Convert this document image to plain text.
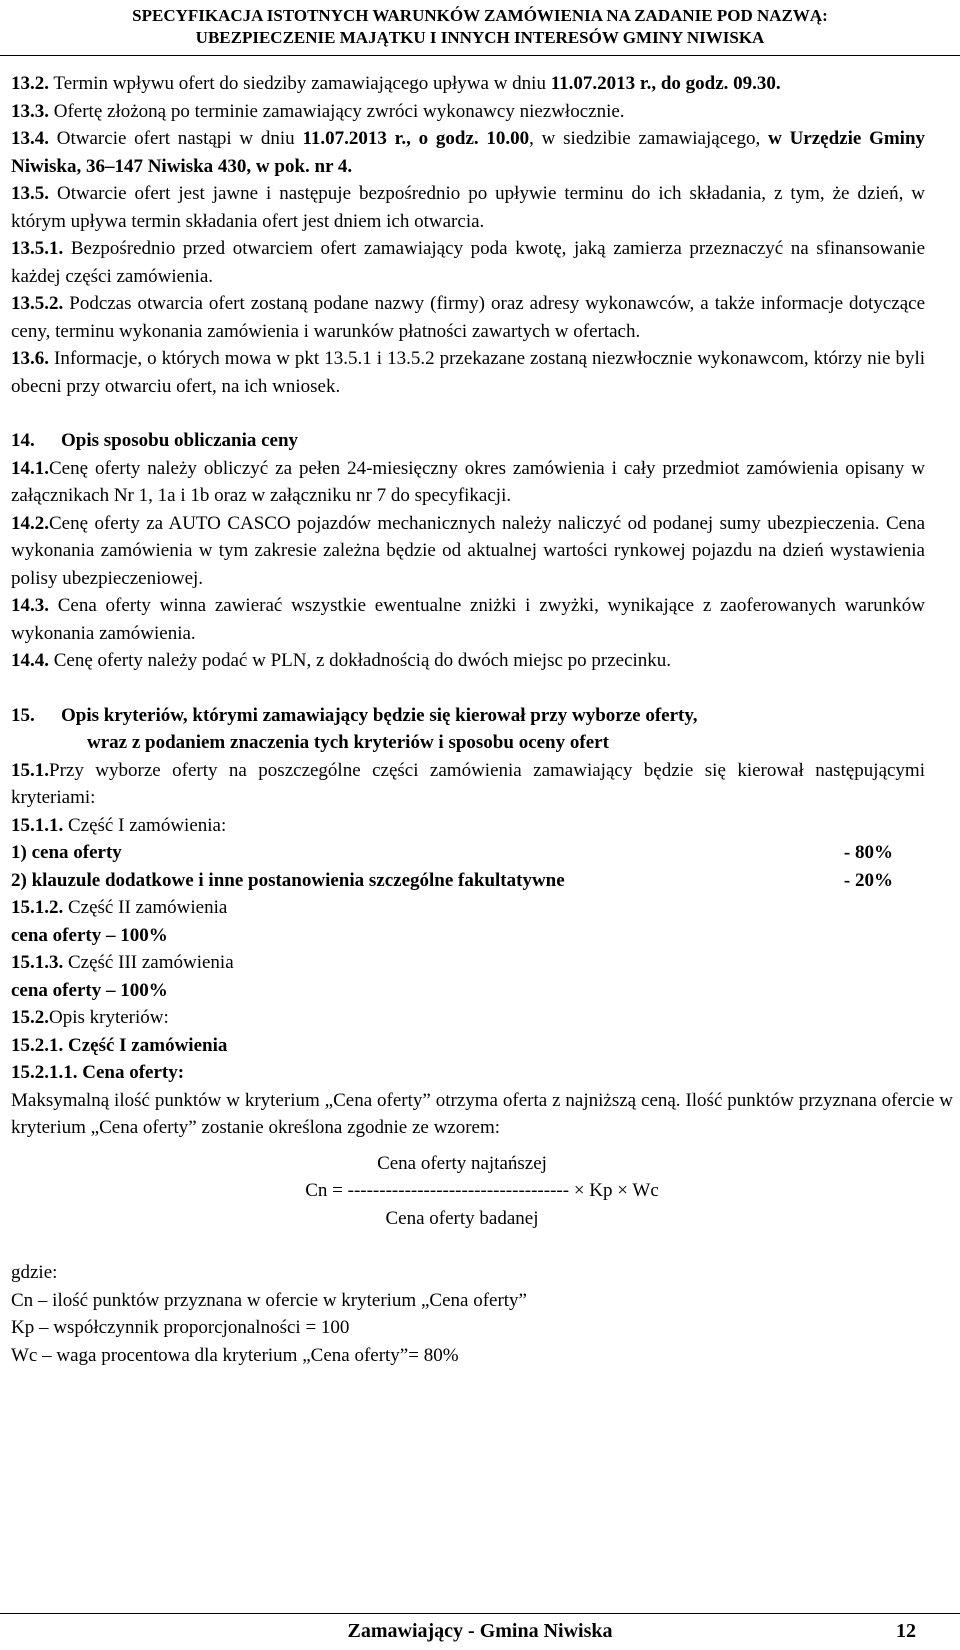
SPECYFIKACJA ISTOTNYCH WARUNKÓW ZAMÓWIENIA NA ZADANIE POD NAZWĄ:
UBEZPIECZENIE MAJĄTKU I INNYCH INTERESÓW GMINY NIWISKA

13.2. Termin wpływu ofert do siedziby zamawiającego upływa w dniu 11.07.2013 r., do godz. 09.30.

13.3. Ofertę złożoną po terminie zamawiający zwróci wykonawcy niezwłocznie.

13.4. Otwarcie ofert nastąpi w dniu 11.07.2013 r., o godz. 10.00, w siedzibie zamawiającego, w Urzędzie Gminy Niwiska, 36–147 Niwiska 430, w pok. nr 4.

13.5. Otwarcie ofert jest jawne i następuje bezpośrednio po upływie terminu do ich składania, z tym, że dzień, w którym upływa termin składania ofert jest dniem ich otwarcia.

13.5.1. Bezpośrednio przed otwarciem ofert zamawiający poda kwotę, jaką zamierza przeznaczyć na sfinansowanie każdej części zamówienia.

13.5.2. Podczas otwarcia ofert zostaną podane nazwy (firmy) oraz adresy wykonawców, a także informacje dotyczące ceny, terminu wykonania zamówienia i warunków płatności zawartych w ofertach.

13.6. Informacje, o których mowa w pkt 13.5.1 i 13.5.2 przekazane zostaną niezwłocznie wykonawcom, którzy nie byli obecni przy otwarciu ofert, na ich wniosek.

14. Opis sposobu obliczania ceny

14.1.Cenę oferty należy obliczyć za pełen 24-miesięczny okres zamówienia i cały przedmiot zamówienia opisany w załącznikach Nr 1, 1a i 1b oraz w załączniku nr 7 do specyfikacji.

14.2.Cenę oferty za AUTO CASCO pojazdów mechanicznych należy naliczyć od podanej sumy ubezpieczenia. Cena wykonania zamówienia w tym zakresie zależna będzie od aktualnej wartości rynkowej pojazdu na dzień wystawienia polisy ubezpieczeniowej.

14.3. Cena oferty winna zawierać wszystkie ewentualne zniżki i zwyżki, wynikające z zaoferowanych warunków wykonania zamówienia.

14.4. Cenę oferty należy podać w PLN, z dokładnością do dwóch miejsc po przecinku.

15. Opis kryteriów, którymi zamawiający będzie się kierował przy wyborze oferty,

wraz z podaniem znaczenia tych kryteriów i sposobu oceny ofert

15.1.Przy wyborze oferty na poszczególne części zamówienia zamawiający będzie się kierował następującymi kryteriami:

15.1.1. Część I zamówienia:

1) cena oferty	- 80%

2) klauzule dodatkowe i inne postanowienia szczególne fakultatywne	- 20%

15.1.2. Część II zamówienia

cena oferty – 100%

15.1.3. Część III zamówienia

cena oferty – 100%

15.2.Opis kryteriów:

15.2.1. Część I zamówienia

15.2.1.1. Cena oferty:

Maksymalną ilość punktów w kryterium „Cena oferty” otrzyma oferta z najniższą ceną. Ilość punktów przyznana ofercie w kryterium „Cena oferty” zostanie określona zgodnie ze wzorem:

Cena oferty najtańszej

Cn = ----------------------------------- × Kp × Wc

Cena oferty badanej

gdzie:

Cn – ilość punktów przyznana w ofercie w kryterium „Cena oferty”

Kp – współczynnik proporcjonalności = 100

Wc – waga procentowa dla kryterium „Cena oferty”= 80%

Zamawiający - Gmina Niwiska	12
